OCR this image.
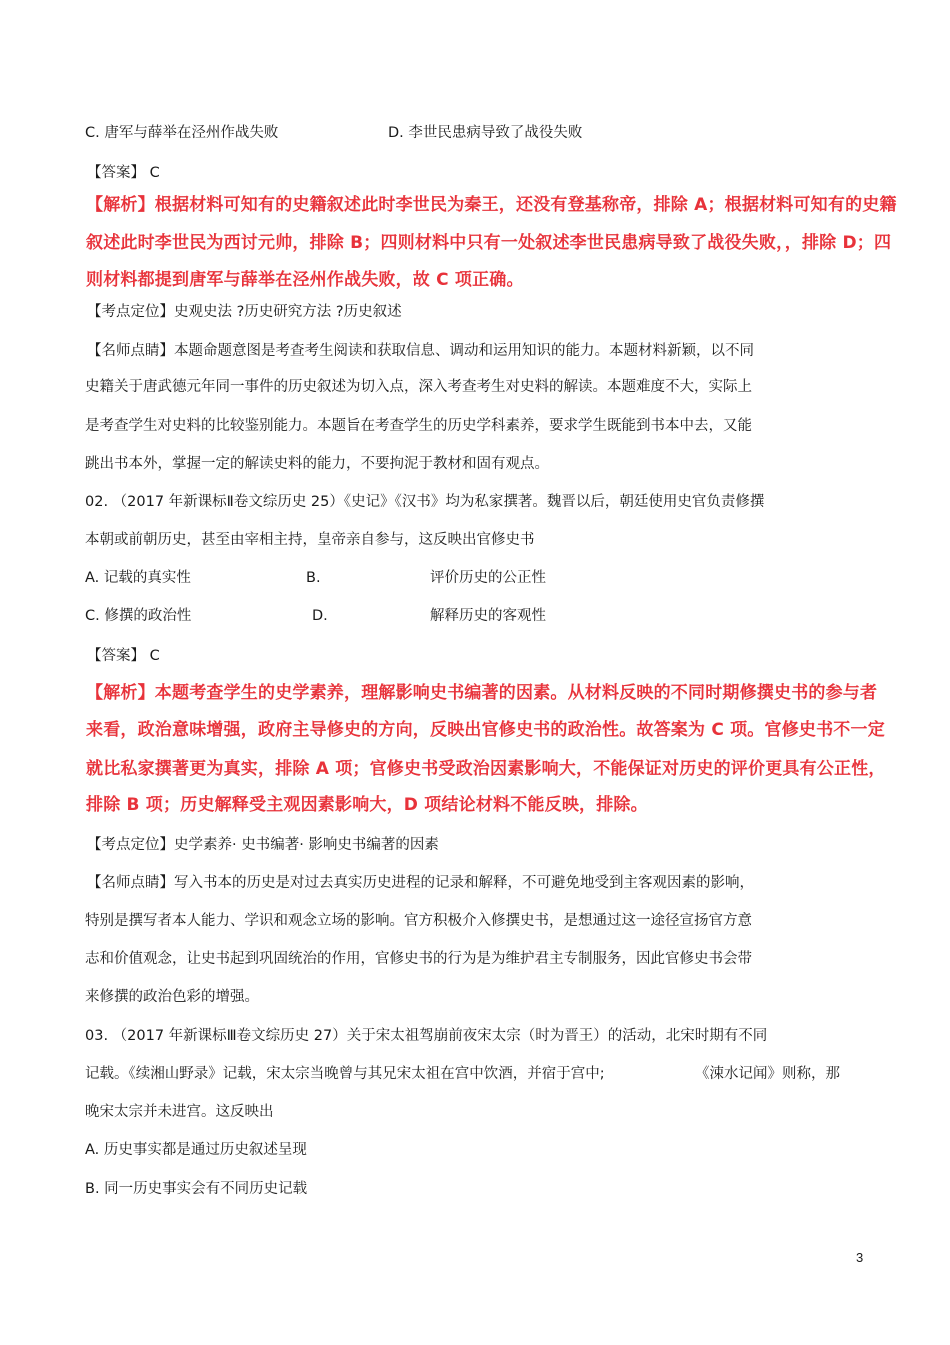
C. 唐军与薛举在泾州作战失败	D. 李世民患病导致了战役失败
【答案】 C
【解析】根据材料可知有的史籍叙述此时李世民为秦王，还没有登基称帝，排除 A；根据材料可知有的史籍
叙述此时李世民为西讨元帅，排除 B；四则材料中只有一处叙述李世民患病导致了战役失败，，排除 D；四
则材料都提到唐军与薛举在泾州作战失败，故 C 项正确。
【考点定位】史观史法 ?历史研究方法 ?历史叙述
【名师点睛】本题命题意图是考查考生阅读和获取信息、调动和运用知识的能力。本题材料新颖，以不同
史籍关于唐武德元年同一事件的历史叙述为切入点，深入考查考生对史料的解读。本题难度不大，实际上
是考查学生对史料的比较鉴别能力。本题旨在考查学生的历史学科素养，要求学生既能到书本中去，又能
跳出书本外，掌握一定的解读史料的能力，不要拘泥于教材和固有观点。
02. （2017 年新课标Ⅱ卷文综历史 25）《史记》《汉书》均为私家撰著。魏晋以后，朝廷使用史官负责修撰
本朝或前朝历史，甚至由宰相主持，皇帝亲自参与，这反映出官修史书
A. 记载的真实性	B.	评价历史的公正性
C. 修撰的政治性	D.	解释历史的客观性
【答案】 C
【解析】本题考查学生的史学素养，理解影响史书编著的因素。从材料反映的不同时期修撰史书的参与者
来看，政治意味增强，政府主导修史的方向，反映出官修史书的政治性。故答案为 C 项。官修史书不一定
就比私家撰著更为真实，排除 A 项；官修史书受政治因素影响大，不能保证对历史的评价更具有公正性，
排除 B 项；历史解释受主观因素影响大，D 项结论材料不能反映，排除。
【考点定位】史学素养· 史书编著· 影响史书编著的因素
【名师点睛】写入书本的历史是对过去真实历史进程的记录和解释，不可避免地受到主客观因素的影响，
特别是撰写者本人能力、学识和观念立场的影响。官方积极介入修撰史书，是想通过这一途径宣扬官方意
志和价值观念，让史书起到巩固统治的作用，官修史书的行为是为维护君主专制服务，因此官修史书会带
来修撰的政治色彩的增强。
03. （2017 年新课标Ⅲ卷文综历史 27）关于宋太祖驾崩前夜宋太宗（时为晋王）的活动，北宋时期有不同
记载。《续湘山野录》记载，宋太宗当晚曾与其兄宋太祖在宫中饮酒，并宿于宫中;	《涑水记闻》则称，那
晚宋太宗并未进宫。这反映出
A. 历史事实都是通过历史叙述呈现
B. 同一历史事实会有不同历史记载
3
